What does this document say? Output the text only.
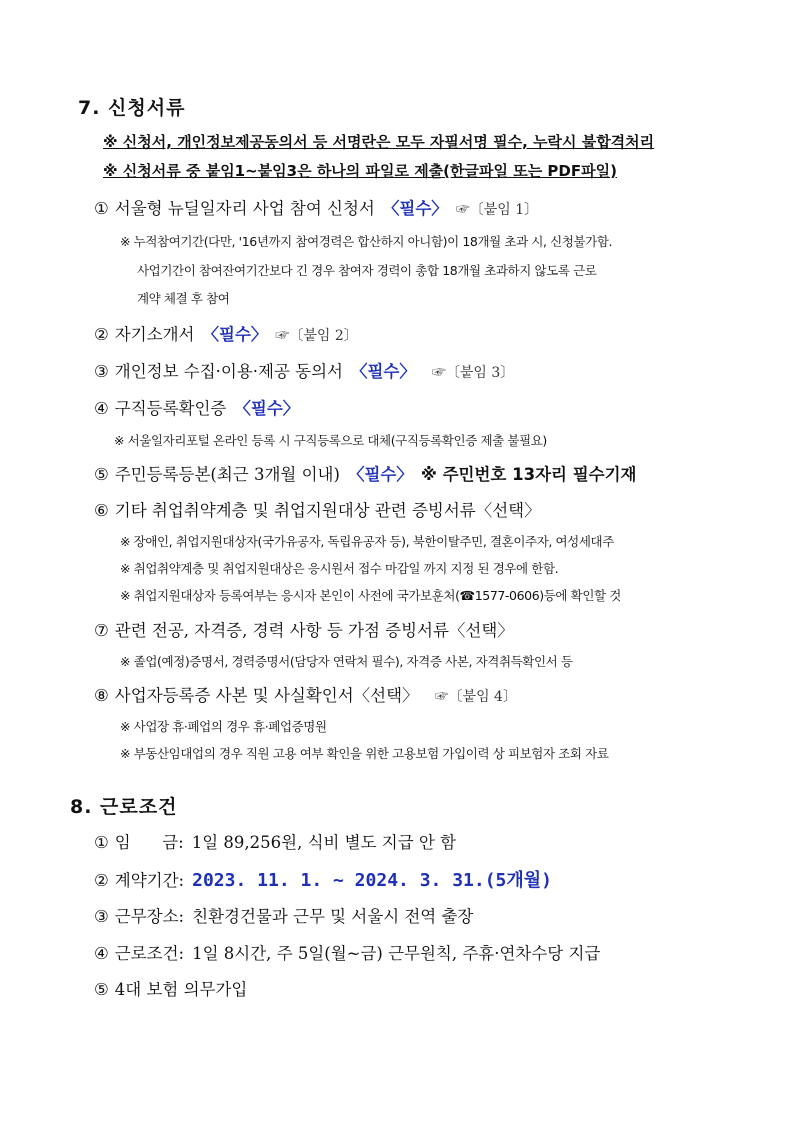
7. 신청서류
※ 신청서, 개인정보제공동의서 등 서명란은 모두 자필서명 필수, 누락시 불합격처리
※ 신청서류 중 붙임1~붙임3은 하나의 파일로 제출(한글파일 또는 PDF파일)
① 서울형 뉴딜일자리 사업 참여 신청서 〈필수〉 ☞〔붙임 1〕
※ 누적참여기간(다만, '16년까지 참여경력은 합산하지 아니함)이 18개월 초과 시, 신청불가함.
사업기간이 참여잔여기간보다 긴 경우 참여자 경력이 총합 18개월 초과하지 않도록 근로
계약 체결 후 참여
② 자기소개서 〈필수〉 ☞〔붙임 2〕
③ 개인정보 수집·이용·제공 동의서 〈필수〉 ☞〔붙임 3〕
④ 구직등록확인증 〈필수〉
※ 서울일자리포털 온라인 등록 시 구직등록으로 대체(구직등록확인증 제출 불필요)
⑤ 주민등록등본(최근 3개월 이내) 〈필수〉 ※ 주민번호 13자리 필수기재
⑥ 기타 취업취약계층 및 취업지원대상 관련 증빙서류〈선택〉
※ 장애인, 취업지원대상자(국가유공자, 독립유공자 등), 북한이탈주민, 결혼이주자, 여성세대주
※ 취업취약계층 및 취업지원대상은 응시원서 접수 마감일 까지 지정 된 경우에 한함.
※ 취업지원대상자 등록여부는 응시자 본인이 사전에 국가보훈처(☎1577-0606)등에 확인할 것
⑦ 관련 전공, 자격증, 경력 사항 등 가점 증빙서류〈선택〉
※ 졸업(예정)증명서, 경력증명서(담당자 연락처 필수), 자격증 사본, 자격취득확인서 등
⑧ 사업자등록증 사본 및 사실확인서〈선택〉 ☞〔붙임 4〕
※ 사업장 휴·폐업의 경우 휴·폐업증명원
※ 부동산임대업의 경우 직원 고용 여부 확인을 위한 고용보험 가입이력 상 피보험자 조회 자료
8. 근로조건
① 임      금: 1일 89,256원, 식비 별도 지급 안 함
② 계약기간: 2023. 11. 1. ~ 2024. 3. 31.(5개월)
③ 근무장소: 친환경건물과 근무 및 서울시 전역 출장
④ 근로조건: 1일 8시간, 주 5일(월~금) 근무원칙, 주휴·연차수당 지급
⑤ 4대 보험 의무가입
